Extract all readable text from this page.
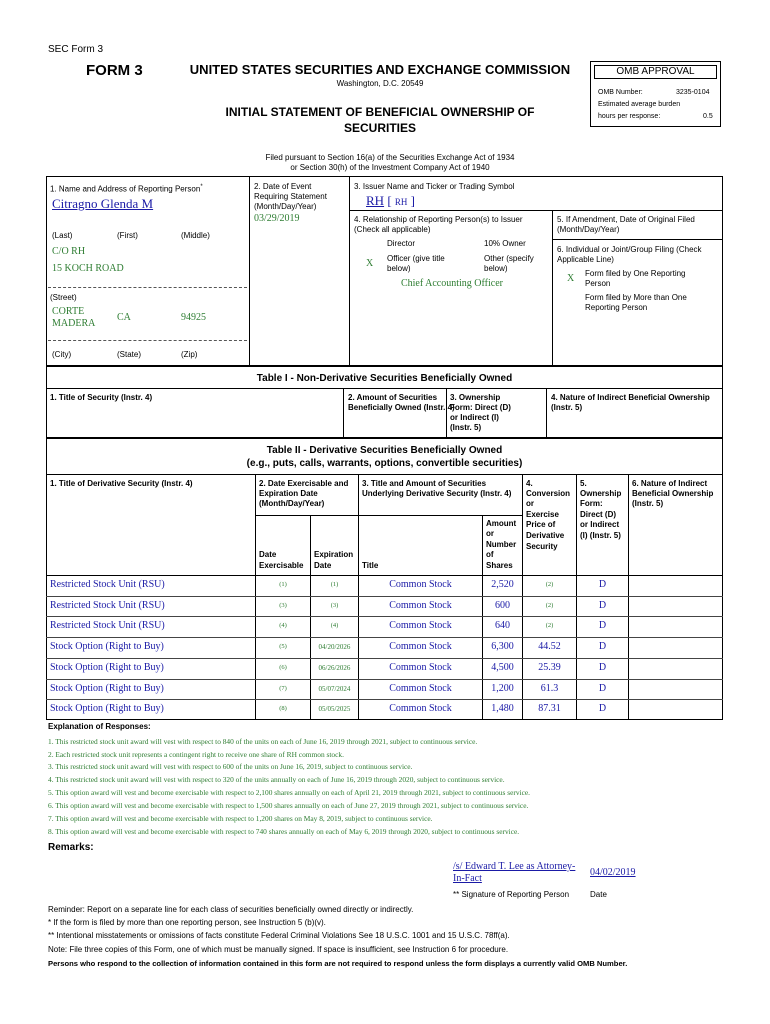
SEC Form 3
FORM 3	UNITED STATES SECURITIES AND EXCHANGE COMMISSION
Washington, D.C. 20549
INITIAL STATEMENT OF BENEFICIAL OWNERSHIP OF
SECURITIES
OMB APPROVAL
OMB Number:	3235-0104
Estimated average burden
hours per response:	0.5
Filed pursuant to Section 16(a) of the Securities Exchange Act of 1934
or Section 30(h) of the Investment Company Act of 1940
1. Name and Address of Reporting Person*
Citragno Glenda M
(Last)	(First)	(Middle)
C/O RH
15 KOCH ROAD
(Street)
CORTE
MADERA
CA	94925
(City)	(State)	(Zip)
2. Date of Event
Requiring Statement
(Month/Day/Year)
03/29/2019
3. Issuer Name and Ticker or Trading Symbol
RH [ RH ]
4. Relationship of Reporting Person(s) to Issuer
(Check all applicable)
Director	10% Owner
X Officer (give title
below)
Other (specify
below)
Chief Accounting Officer
5. If Amendment, Date of Original Filed
(Month/Day/Year)
6. Individual or Joint/Group Filing (Check
Applicable Line)
X Form filed by One Reporting
Person
Form filed by More than One
Reporting Person
Table I - Non-Derivative Securities Beneficially Owned
1. Title of Security (Instr. 4)	2. Amount of Securities
Beneficially Owned (Instr. 4)
3. Ownership
Form: Direct (D)
or Indirect (I)
(Instr. 5)
4. Nature of Indirect Beneficial Ownership
(Instr. 5)
Table II - Derivative Securities Beneficially Owned
(e.g., puts, calls, warrants, options, convertible securities)
1. Title of Derivative Security (Instr. 4)	2. Date Exercisable and
Expiration Date
(Month/Day/Year)
Date
Exercisable
Expiration
Date
3. Title and Amount of Securities
Underlying Derivative Security (Instr. 4)
Title
Amount
or
Number
of
Shares
4.
Conversion
or
Exercise
Price of
Derivative
Security
5.
Ownership
Form:
Direct (D)
or Indirect
(I) (Instr. 5)
6. Nature of Indirect
Beneficial Ownership
(Instr. 5)
Restricted Stock Unit (RSU)	(1)	(1)	Common Stock	2,520	(2)	D
Restricted Stock Unit (RSU)	(3)	(3)	Common Stock	600	(2)	D
Restricted Stock Unit (RSU)	(4)	(4)	Common Stock	640	(2)	D
Stock Option (Right to Buy)	(5)	04/20/2026	Common Stock	6,300	44.52	D
Stock Option (Right to Buy)	(6)	06/26/2026	Common Stock	4,500	25.39	D
Stock Option (Right to Buy)	(7)	05/07/2024	Common Stock	1,200	61.3	D
Stock Option (Right to Buy)	(8)	05/05/2025	Common Stock	1,480	87.31	D
Explanation of Responses:
1. This restricted stock unit award will vest with respect to 840 of the units on each of June 16, 2019 through 2021, subject to continuous service.
2. Each restricted stock unit represents a contingent right to receive one share of RH common stock.
3. This restricted stock unit award will vest with respect to 600 of the units on June 16, 2019, subject to continuous service.
4. This restricted stock unit award will vest with respect to 320 of the units annually on each of June 16, 2019 through 2020, subject to continuous service.
5. This option award will vest and become exercisable with respect to 2,100 shares annually on each of April 21, 2019 through 2021, subject to continuous service.
6. This option award will vest and become exercisable with respect to 1,500 shares annually on each of June 27, 2019 through 2021, subject to continuous service.
7. This option award will vest and become exercisable with respect to 1,200 shares on May 8, 2019, subject to continuous service.
8. This option award will vest and become exercisable with respect to 740 shares annually on each of May 6, 2019 through 2020, subject to continuous service.
Remarks:
/s/ Edward T. Lee as Attorney-
In-Fact
04/02/2019
** Signature of Reporting Person	Date
Reminder: Report on a separate line for each class of securities beneficially owned directly or indirectly.
* If the form is filed by more than one reporting person, see Instruction 5 (b)(v).
** Intentional misstatements or omissions of facts constitute Federal Criminal Violations See 18 U.S.C. 1001 and 15 U.S.C. 78ff(a).
Note: File three copies of this Form, one of which must be manually signed. If space is insufficient, see Instruction 6 for procedure.
Persons who respond to the collection of information contained in this form are not required to respond unless the form displays a currently valid OMB Number.
